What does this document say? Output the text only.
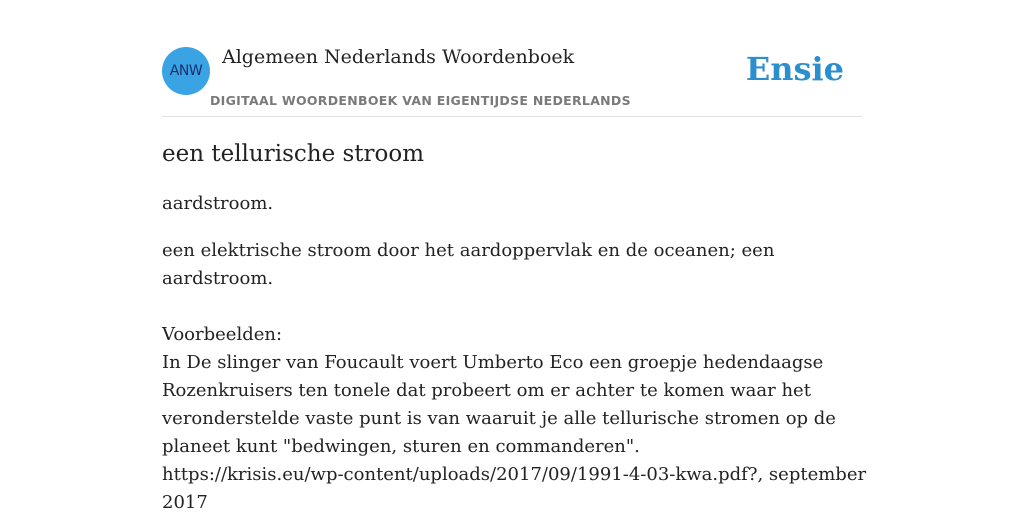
ANW
Algemeen Nederlands Woordenboek
DIGITAAL WOORDENBOEK VAN EIGENTIJDSE NEDERLANDS
Ensie
een tellurische stroom

aardstroom.

een elektrische stroom door het aardoppervlak en de oceanen; een aardstroom.

Voorbeelden:

In De slinger van Foucault voert Umberto Eco een groepje hedendaagse Rozenkruisers ten tonele dat probeert om er achter te komen waar het veronderstelde vaste punt is van waaruit je alle tellurische stromen op de planeet kunt "bedwingen, sturen en commanderen".

https://krisis.eu/wp-content/uploads/2017/09/1991-4-03-kwa.pdf?, september 2017
